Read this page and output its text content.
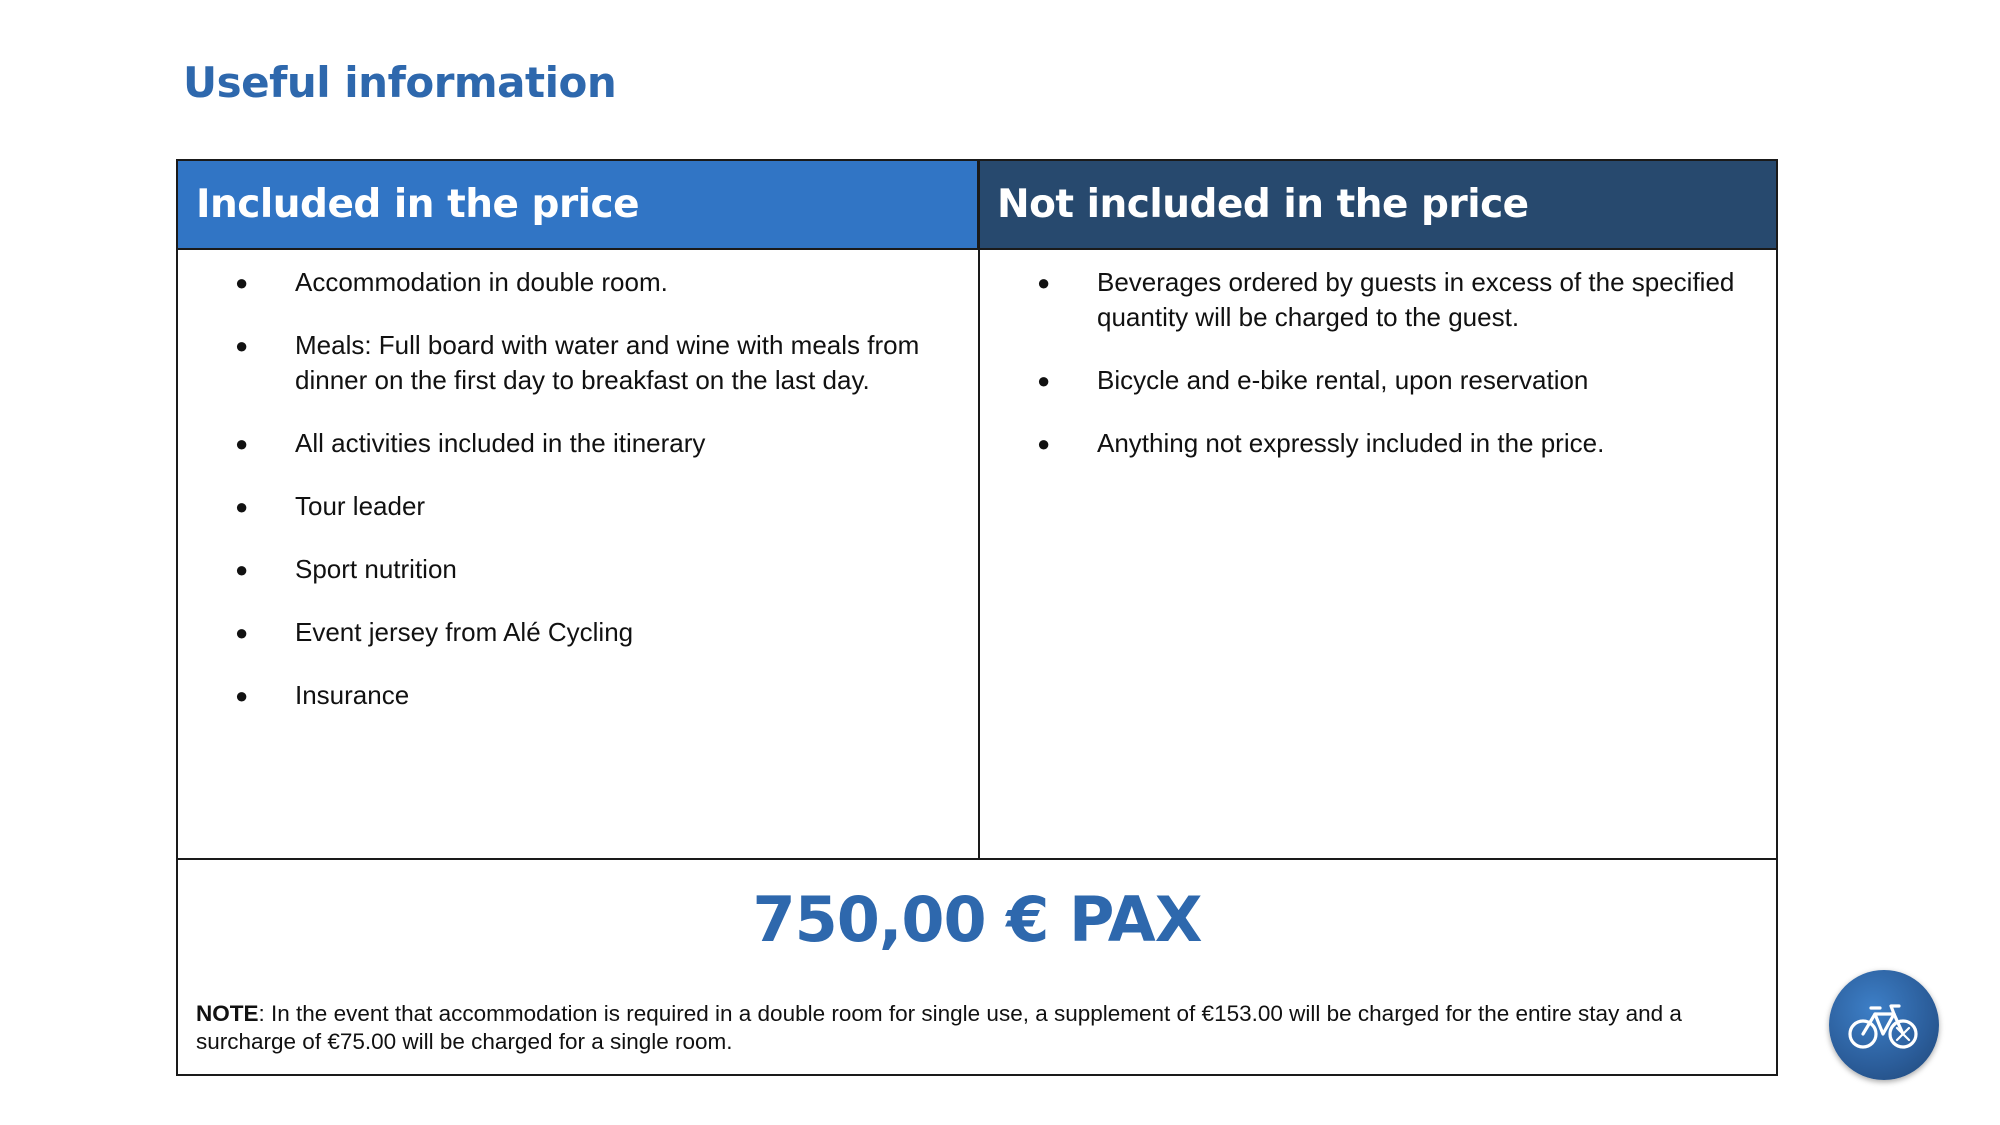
Useful information
Included in the price	Not included in the price
● Accommodation in double room.
● Meals: Full board with water and wine with meals from dinner on the first day to breakfast on the last day.
● All activities included in the itinerary
● Tour leader
● Sport nutrition
● Event jersey from Alé Cycling
● Insurance
● Beverages ordered by guests in excess of the specified quantity will be charged to the guest.
● Bicycle and e-bike rental, upon reservation
● Anything not expressly included in the price.
750,00 € PAX
NOTE: In the event that accommodation is required in a double room for single use, a supplement of €153.00 will be charged for the entire stay and a surcharge of €75.00 will be charged for a single room.
